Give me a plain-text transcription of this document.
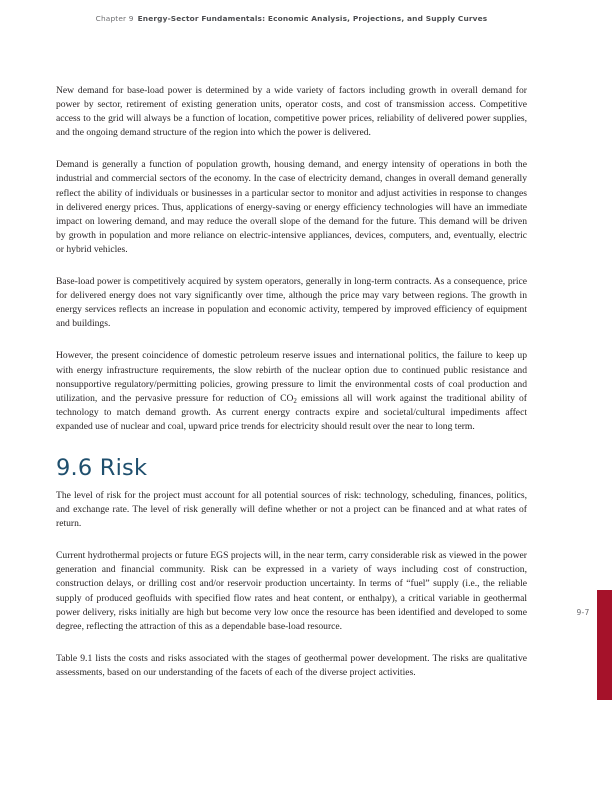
Chapter 9 Energy-Sector Fundamentals: Economic Analysis, Projections, and Supply Curves

New demand for base-load power is determined by a wide variety of factors including growth in overall demand for power by sector, retirement of existing generation units, operator costs, and cost of transmission access. Competitive access to the grid will always be a function of location, competitive power prices, reliability of delivered power supplies, and the ongoing demand structure of the region into which the power is delivered.

Demand is generally a function of population growth, housing demand, and energy intensity of operations in both the industrial and commercial sectors of the economy. In the case of electricity demand, changes in overall demand generally reflect the ability of individuals or businesses in a particular sector to monitor and adjust activities in response to changes in delivered energy prices. Thus, applications of energy-saving or energy efficiency technologies will have an immediate impact on lowering demand, and may reduce the overall slope of the demand for the future. This demand will be driven by growth in population and more reliance on electric-intensive appliances, devices, computers, and, eventually, electric or hybrid vehicles.

Base-load power is competitively acquired by system operators, generally in long-term contracts. As a consequence, price for delivered energy does not vary significantly over time, although the price may vary between regions. The growth in energy services reflects an increase in population and economic activity, tempered by improved efficiency of equipment and buildings.

However, the present coincidence of domestic petroleum reserve issues and international politics, the failure to keep up with energy infrastructure requirements, the slow rebirth of the nuclear option due to continued public resistance and nonsupportive regulatory/permitting policies, growing pressure to limit the environmental costs of coal production and utilization, and the pervasive pressure for reduction of $CO_2$ emissions all will work against the traditional ability of technology to match demand growth. As current energy contracts expire and societal/cultural impediments affect expanded use of nuclear and coal, upward price trends for electricity should result over the near to long term.

9.6 Risk

The level of risk for the project must account for all potential sources of risk: technology, scheduling, finances, politics, and exchange rate. The level of risk generally will define whether or not a project can be financed and at what rates of return.

Current hydrothermal projects or future EGS projects will, in the near term, carry considerable risk as viewed in the power generation and financial community. Risk can be expressed in a variety of ways including cost of construction, construction delays, or drilling cost and/or reservoir production uncertainty. In terms of “fuel” supply (i.e., the reliable supply of produced geofluids with specified flow rates and heat content, or enthalpy), a critical variable in geothermal power delivery, risks initially are high but become very low once the resource has been identified and developed to some degree, reflecting the attraction of this as a dependable base-load resource.

Table 9.1 lists the costs and risks associated with the stages of geothermal power development. The risks are qualitative assessments, based on our understanding of the facets of each of the diverse project activities.

9-7
